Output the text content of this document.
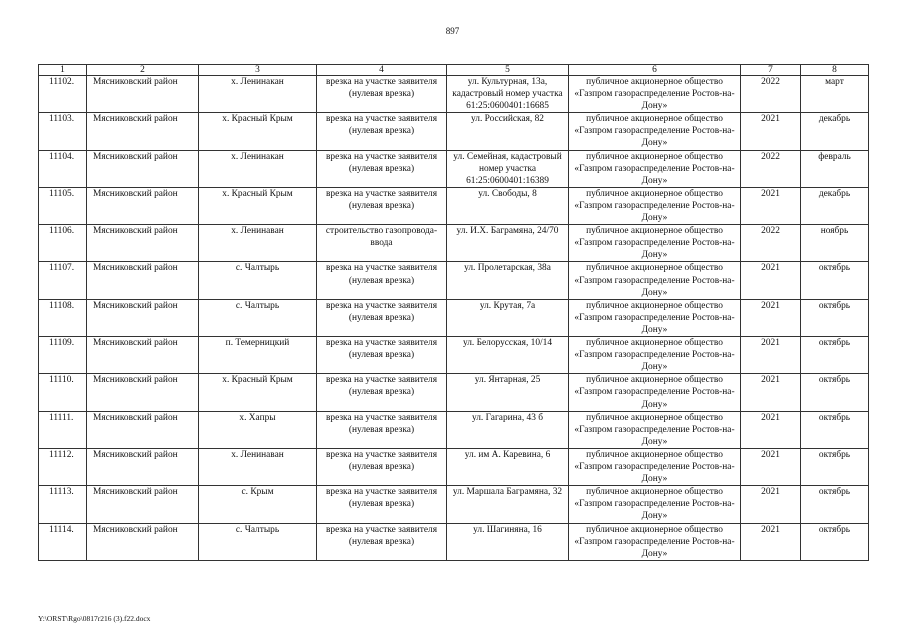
897
1	2	3	4	5	6	7	8
11102.	Мясниковский район	х. Ленинакан	врезка на участке заявителя (нулевая врезка)	ул. Культурная, 13а, кадастровый номер участка 61:25:0600401:16685	публичное акционерное общество «Газпром газораспределение Ростов-на-Дону»	2022	март
11103.	Мясниковский район	х. Красный Крым	врезка на участке заявителя (нулевая врезка)	ул. Российская, 82	публичное акционерное общество «Газпром газораспределение Ростов-на-Дону»	2021	декабрь
11104.	Мясниковский район	х. Ленинакан	врезка на участке заявителя (нулевая врезка)	ул. Семейная, кадастровый номер участка 61:25:0600401:16389	публичное акционерное общество «Газпром газораспределение Ростов-на-Дону»	2022	февраль
11105.	Мясниковский район	х. Красный Крым	врезка на участке заявителя (нулевая врезка)	ул. Свободы, 8	публичное акционерное общество «Газпром газораспределение Ростов-на-Дону»	2021	декабрь
11106.	Мясниковский район	х. Ленинаван	строительство газопровода-ввода	ул. И.Х. Баграмяна, 24/70	публичное акционерное общество «Газпром газораспределение Ростов-на-Дону»	2022	ноябрь
11107.	Мясниковский район	с. Чалтырь	врезка на участке заявителя (нулевая врезка)	ул. Пролетарская, 38а	публичное акционерное общество «Газпром газораспределение Ростов-на-Дону»	2021	октябрь
11108.	Мясниковский район	с. Чалтырь	врезка на участке заявителя (нулевая врезка)	ул. Крутая, 7а	публичное акционерное общество «Газпром газораспределение Ростов-на-Дону»	2021	октябрь
11109.	Мясниковский район	п. Темерницкий	врезка на участке заявителя (нулевая врезка)	ул. Белорусская, 10/14	публичное акционерное общество «Газпром газораспределение Ростов-на-Дону»	2021	октябрь
11110.	Мясниковский район	х. Красный Крым	врезка на участке заявителя (нулевая врезка)	ул. Янтарная, 25	публичное акционерное общество «Газпром газораспределение Ростов-на-Дону»	2021	октябрь
11111.	Мясниковский район	х. Хапры	врезка на участке заявителя (нулевая врезка)	ул. Гагарина, 43 б	публичное акционерное общество «Газпром газораспределение Ростов-на-Дону»	2021	октябрь
11112.	Мясниковский район	х. Ленинаван	врезка на участке заявителя (нулевая врезка)	ул. им А. Каревина, 6	публичное акционерное общество «Газпром газораспределение Ростов-на-Дону»	2021	октябрь
11113.	Мясниковский район	с. Крым	врезка на участке заявителя (нулевая врезка)	ул. Маршала Баграмяна, 32	публичное акционерное общество «Газпром газораспределение Ростов-на-Дону»	2021	октябрь
11114.	Мясниковский район	с. Чалтырь	врезка на участке заявителя (нулевая врезка)	ул. Шагиняна, 16	публичное акционерное общество «Газпром газораспределение Ростов-на-Дону»	2021	октябрь
Y:\ORST\Rgo\0817r216 (3).f22.docx
